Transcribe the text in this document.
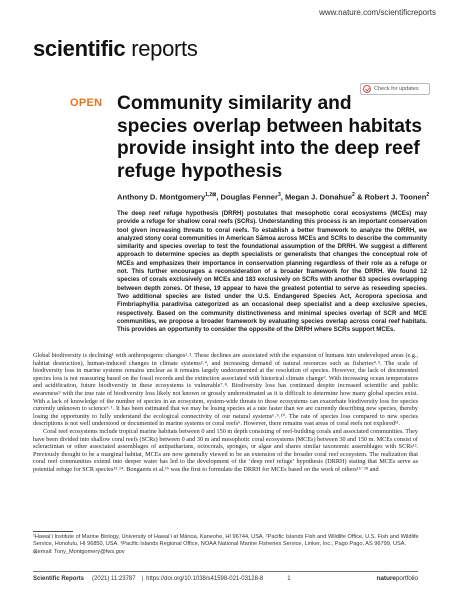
www.nature.com/scientificreports
scientific reports
Check for updates
OPEN Community similarity and species overlap between habitats provide insight into the deep reef refuge hypothesis
Anthony D. Montgomery$^{1,2⊠}$, Douglas Fenner$^3$, Megan J. Donahue$^2$ & Robert J. Toonen$^2$

The deep reef refuge hypothesis (DRRH) postulates that mesophotic coral ecosystems (MCEs) may provide a refuge for shallow coral reefs (SCRs). Understanding this process is an important conservation tool given increasing threats to coral reefs. To establish a better framework to analyze the DRRH, we analyzed stony coral communities in American Sāmoa across MCEs and SCRs to describe the community similarity and species overlap to test the foundational assumption of the DRRH. We suggest a different approach to determine species as depth specialists or generalists that changes the conceptual role of MCEs and emphasizes their importance in conservation planning regardless of their role as a refuge or not. This further encourages a reconsideration of a broader framework for the DRRH. We found 12 species of corals exclusively on MCEs and 183 exclusively on SCRs with another 63 species overlapping between depth zones. Of these, 19 appear to have the greatest potential to serve as reseeding species. Two additional species are listed under the U.S. Endangered Species Act, Acropora speciosa and Fimbriaphyllia paradivisa categorized as an occasional deep specialist and a deep exclusive species, respectively. Based on the community distinctiveness and minimal species overlap of SCR and MCE communities, we propose a broader framework by evaluating species overlap across coral reef habitats. This provides an opportunity to consider the opposite of the DRRH where SCRs support MCEs.

Global biodiversity is declining¹ with anthropogenic changes²˒³. These declines are associated with the expansion of humans into undeveloped areas (e.g., habitat destruction), human-induced changes in climate systems²˒⁴, and increasing demand of natural resources such as fisheries⁴˒⁵. The scale of biodiversity loss in marine systems remains unclear as it remains largely undocumented at the resolution of species. However, the lack of documented species loss is not reassuring based on the fossil records and the extinction associated with historical climate change⁶. With increasing ocean temperatures and acidification, future biodiversity in these ecosystems is vulnerable⁷˒⁸. Biodiversity loss has continued despite increased scientific and public awareness⁹ with the true rate of biodiversity loss likely not known or grossly underestimated as it is difficult to determine how many global species exist. With a lack of knowledge of the number of species in an ecosystem, system-wide threats to those ecosystems can exacerbate biodiversity loss for species currently unknown to science⁶˒¹. It has been estimated that we may be losing species at a rate faster than we are currently describing new species, thereby losing the opportunity to fully understand the ecological connectivity of our natural systems⁶˒⁹˒¹⁰. The rate of species loss compared to new species descriptions is not well understood or documented in marine systems or coral reefs⁶. However, there remains vast areas of coral reefs not explored¹¹.

Coral reef ecosystems include tropical marine habitats between 0 and 150 m depth consisting of reef-building corals and associated communities. They have been divided into shallow coral reefs (SCRs) between 0 and 30 m and mesophotic coral ecosystems (MCEs) between 30 and 150 m. MCEs consist of scleractinian or other associated assemblages of antipatharians, octocorals, sponges, or algae and shares similar taxonomic assemblages with SCRs¹². Previously thought to be a marginal habitat, MCEs are now generally viewed to be an extension of the broader coral reef ecosystem. The realization that coral reef communities extend into deeper water has led to the development of the ‘deep reef refuge’ hypothesis (DRRH) stating that MCEs serve as potential refuge for SCR species¹³˒¹⁴. Bongaerts et al.¹⁵ was the first to formulate the DRRH for MCEs based on the work of others¹⁵⁻¹⁸ and

¹Hawaiʻi Institute of Marine Biology, University of Hawaiʻi at Mānoa, Kaneohe, HI 96744, USA. ²Pacific Islands Fish and Wildlife Office, U.S. Fish and Wildlife Service, Honolulu, HI 96850, USA. ³Pacific Islands Regional Office, NOAA National Marine Fisheries Service, Linker, Inc., Pago Pago, AS 96799, USA. ⊠email: Tony_Montgomery@fws.gov

Scientific Reports (2021) 11:23787 | https://doi.org/10.1038/s41598-021-03128-8	1	natureportfolio
